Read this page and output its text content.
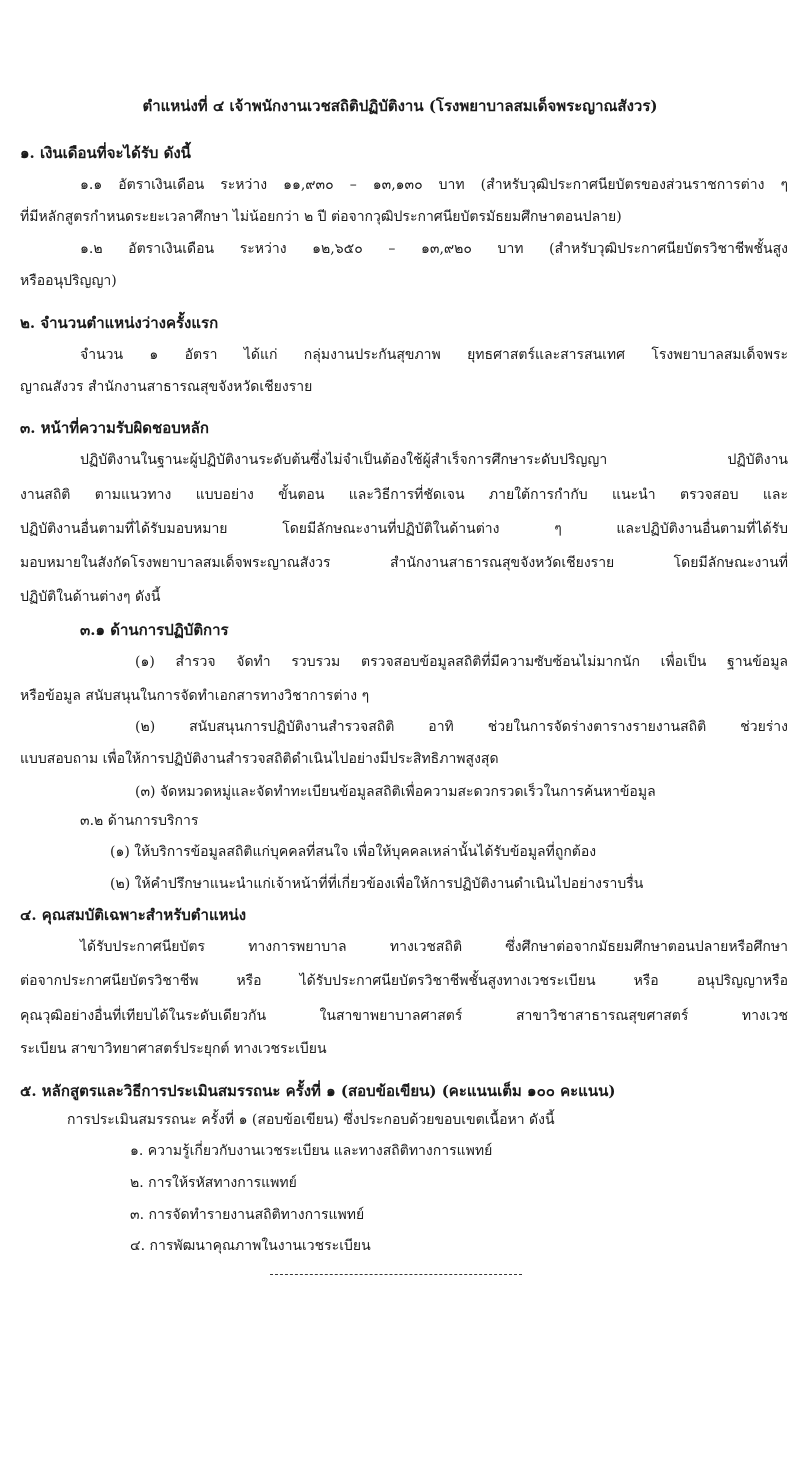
ตำแหน่งที่ ๔ เจ้าพนักงานเวชสถิติปฏิบัติงาน (โรงพยาบาลสมเด็จพระญาณสังวร)
๑. เงินเดือนที่จะได้รับ ดังนี้
๑.๑ อัตราเงินเดือน ระหว่าง ๑๑,๙๓๐ – ๑๓,๑๓๐ บาท (สำหรับวุฒิประกาศนียบัตรของส่วนราชการต่าง ๆ
ที่มีหลักสูตรกำหนดระยะเวลาศึกษา ไม่น้อยกว่า ๒ ปี ต่อจากวุฒิประกาศนียบัตรมัธยมศึกษาตอนปลาย)
๑.๒ อัตราเงินเดือน ระหว่าง ๑๒,๖๕๐ – ๑๓,๙๒๐ บาท (สำหรับวุฒิประกาศนียบัตรวิชาชีพชั้นสูง
หรืออนุปริญญา)
๒. จำนวนตำแหน่งว่างครั้งแรก
จำนวน ๑ อัตรา ได้แก่ กลุ่มงานประกันสุขภาพ ยุทธศาสตร์และสารสนเทศ โรงพยาบาลสมเด็จพระ
ญาณสังวร สำนักงานสาธารณสุขจังหวัดเชียงราย
๓. หน้าที่ความรับผิดชอบหลัก
ปฏิบัติงานในฐานะผู้ปฏิบัติงานระดับต้นซึ่งไม่จำเป็นต้องใช้ผู้สำเร็จการศึกษาระดับปริญญา ปฏิบัติงาน
งานสถิติ ตามแนวทาง แบบอย่าง ขั้นตอน และวิธีการที่ชัดเจน ภายใต้การกำกับ แนะนำ ตรวจสอบ และ
ปฏิบัติงานอื่นตามที่ได้รับมอบหมาย โดยมีลักษณะงานที่ปฏิบัติในด้านต่าง ๆ และปฏิบัติงานอื่นตามที่ได้รับ
มอบหมายในสังกัดโรงพยาบาลสมเด็จพระญาณสังวร สำนักงานสาธารณสุขจังหวัดเชียงราย โดยมีลักษณะงานที่
ปฏิบัติในด้านต่างๆ ดังนี้
๓.๑ ด้านการปฏิบัติการ
(๑) สำรวจ จัดทำ รวบรวม ตรวจสอบข้อมูลสถิติที่มีความซับซ้อนไม่มากนัก เพื่อเป็น ฐานข้อมูล
หรือข้อมูล สนับสนุนในการจัดทำเอกสารทางวิชาการต่าง ๆ
(๒) สนับสนุนการปฏิบัติงานสำรวจสถิติ อาทิ ช่วยในการจัดร่างตารางรายงานสถิติ ช่วยร่าง
แบบสอบถาม เพื่อให้การปฏิบัติงานสำรวจสถิติดำเนินไปอย่างมีประสิทธิภาพสูงสุด
(๓) จัดหมวดหมู่และจัดทำทะเบียนข้อมูลสถิติเพื่อความสะดวกรวดเร็วในการค้นหาข้อมูล
๓.๒ ด้านการบริการ
(๑) ให้บริการข้อมูลสถิติแก่บุคคลที่สนใจ เพื่อให้บุคคลเหล่านั้นได้รับข้อมูลที่ถูกต้อง
(๒) ให้คำปรึกษาแนะนำแก่เจ้าหน้าที่ที่เกี่ยวข้องเพื่อให้การปฏิบัติงานดำเนินไปอย่างราบรื่น
๔. คุณสมบัติเฉพาะสำหรับตำแหน่ง
ได้รับประกาศนียบัตร ทางการพยาบาล ทางเวชสถิติ ซึ่งศึกษาต่อจากมัธยมศึกษาตอนปลายหรือศึกษา
ต่อจากประกาศนียบัตรวิชาชีพ หรือ ได้รับประกาศนียบัตรวิชาชีพชั้นสูงทางเวชระเบียน หรือ อนุปริญญาหรือ
คุณวุฒิอย่างอื่นที่เทียบได้ในระดับเดียวกัน ในสาขาพยาบาลศาสตร์ สาขาวิชาสาธารณสุขศาสตร์ ทางเวช
ระเบียน สาขาวิทยาศาสตร์ประยุกต์ ทางเวชระเบียน
๕. หลักสูตรและวิธีการประเมินสมรรถนะ ครั้งที่ ๑ (สอบข้อเขียน) (คะแนนเต็ม ๑๐๐ คะแนน)
การประเมินสมรรถนะ ครั้งที่ ๑ (สอบข้อเขียน) ซึ่งประกอบด้วยขอบเขตเนื้อหา ดังนี้
๑. ความรู้เกี่ยวกับงานเวชระเบียน และทางสถิติทางการแพทย์
๒. การให้รหัสทางการแพทย์
๓. การจัดทำรายงานสถิติทางการแพทย์
๔. การพัฒนาคุณภาพในงานเวชระเบียน
